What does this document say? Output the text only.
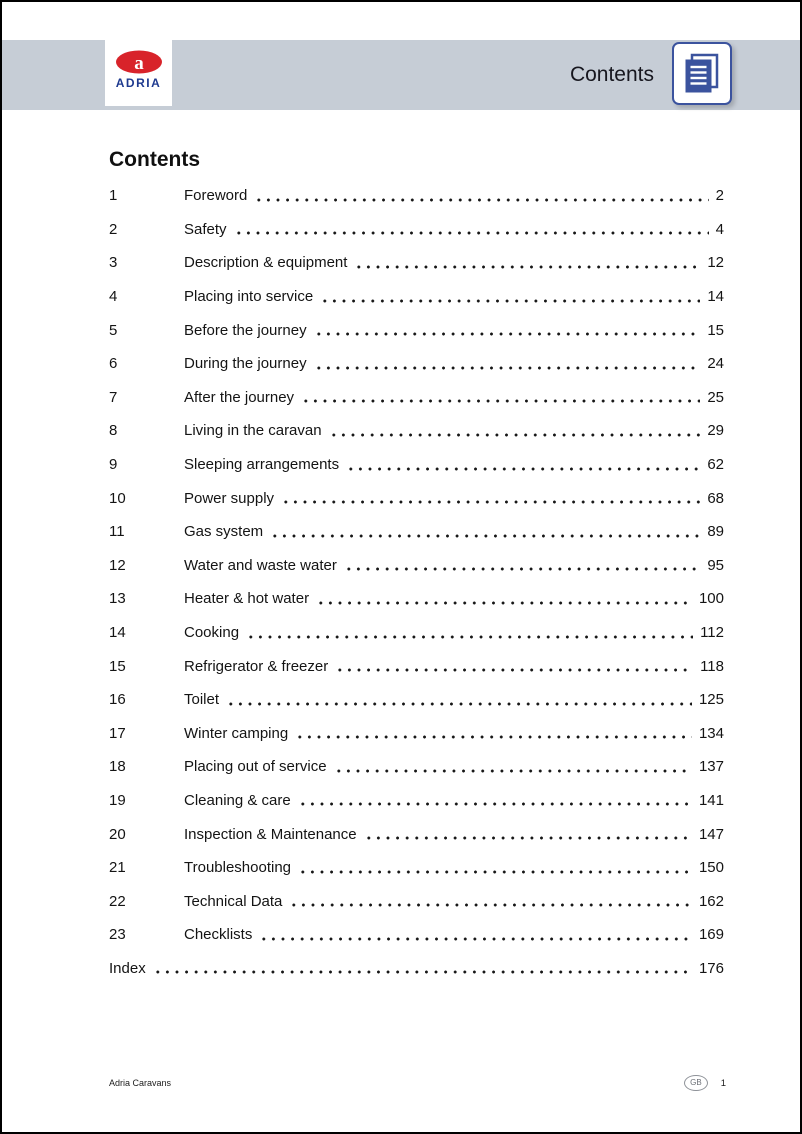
a
ADRIA	Contents
Contents
1	Foreword	2
2	Safety	4
3	Description & equipment	12
4	Placing into service	14
5	Before the journey	15
6	During the journey	24
7	After the journey	25
8	Living in the caravan	29
9	Sleeping arrangements	62
10	Power supply	68
11	Gas system	89
12	Water and waste water	95
13	Heater & hot water	100
14	Cooking	112
15	Refrigerator & freezer	118
16	Toilet	125
17	Winter camping	134
18	Placing out of service	137
19	Cleaning & care	141
20	Inspection & Maintenance	147
21	Troubleshooting	150
22	Technical Data	162
23	Checklists	169
Index	176
Adria Caravans	GB	1
